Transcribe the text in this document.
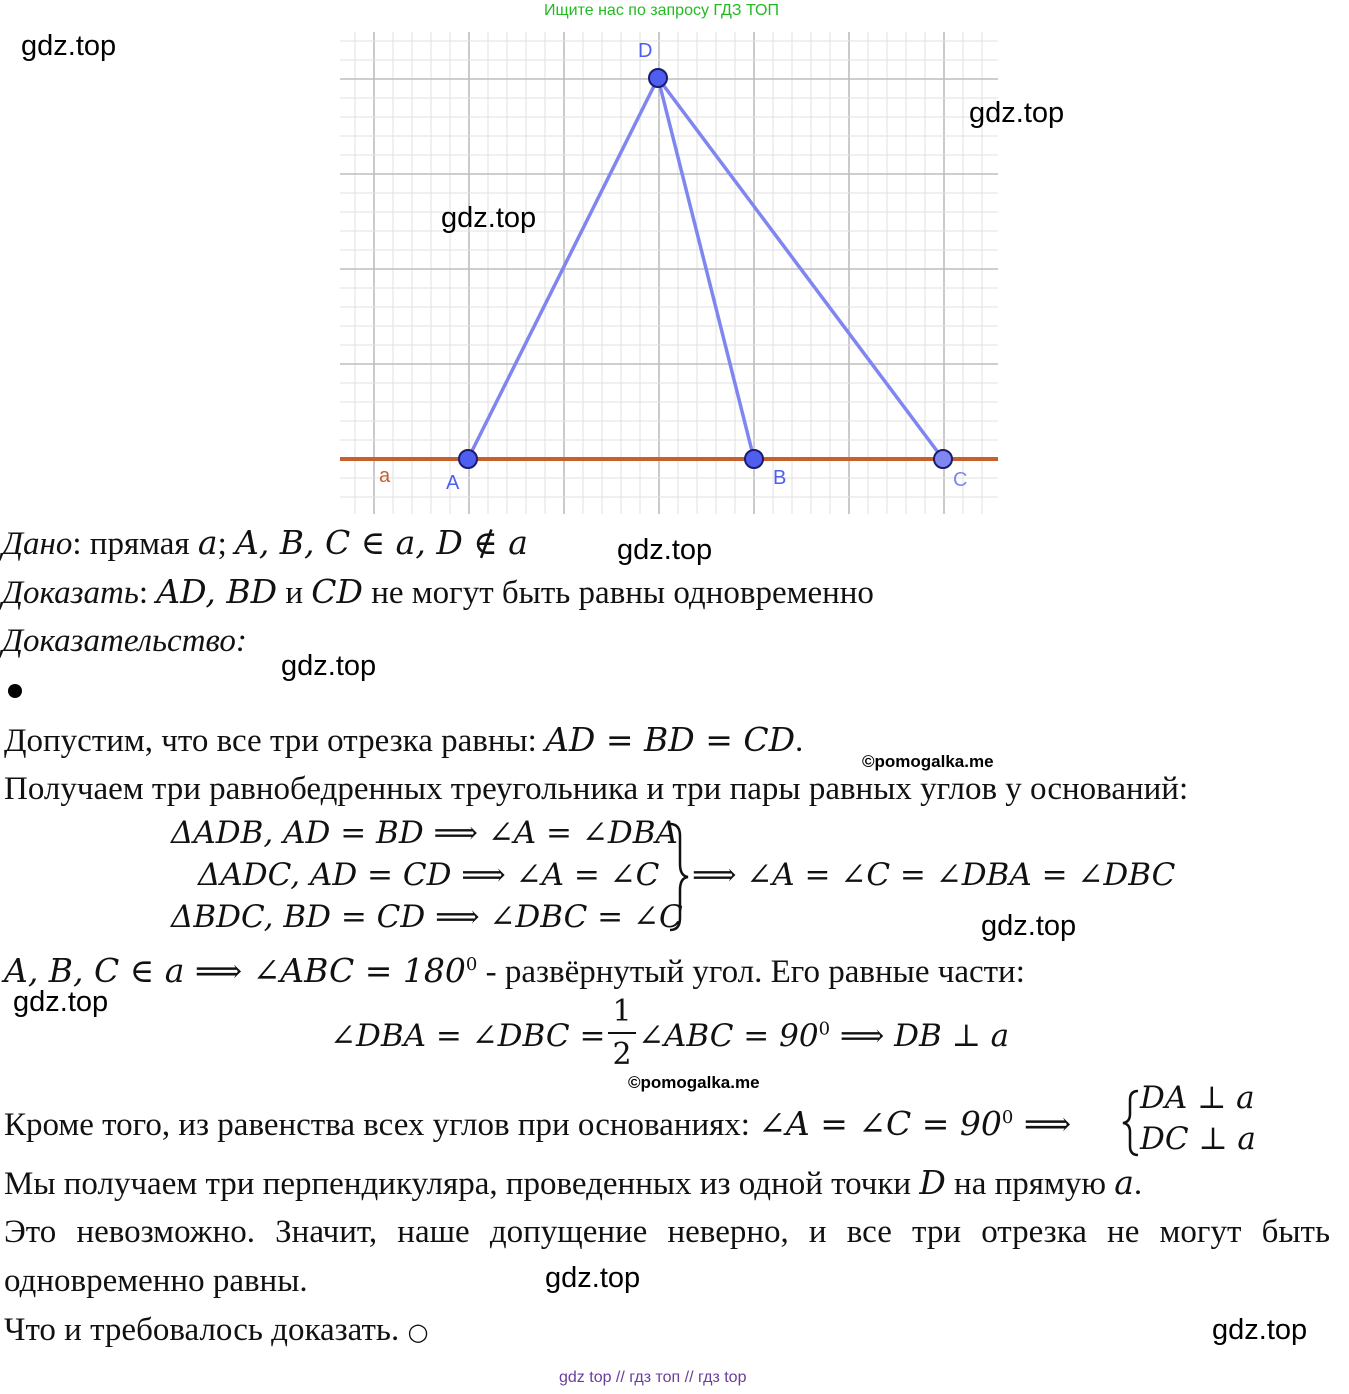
Ищите нас по запросу ГДЗ ТОП
a	A	B	C
D
gdz.top
gdz.top
gdz.top
gdz.top
gdz.top
gdz.top
gdz.top
gdz.top
gdz.top
©pomogalka.me
©pomogalka.me
Дано: прямая a; A, B, C ∈ a, D ∉ a
Доказать: AD, BD и CD не могут быть равны одновременно
Доказательство:
Допустим, что все три отрезка равны: AD = BD = CD.
Получаем три равнобедренных треугольника и три пары равных углов у оснований:
ΔADB, AD = BD ⟹ ∠A = ∠DBA
ΔADC, AD = CD ⟹ ∠A = ∠C
ΔBDC, BD = CD ⟹ ∠DBC = ∠C
⟹ ∠A = ∠C = ∠DBA = ∠DBC
A, B, C ∈ a ⟹ ∠ABC = $180^0$ - развёрнутый угол. Его равные части:
∠DBA = ∠DBC =
1
2
∠ABC = $90^0$ ⟹ DB ⊥ a
Кроме того, из равенства всех углов при основаниях: ∠A = ∠C = $90^0$ ⟹
DA ⊥ a
DC ⊥ a
Мы получаем три перпендикуляра, проведенных из одной точки D на прямую a.
Это невозможно. Значит, наше допущение неверно, и все три отрезка не могут быть
одновременно равны.
Что и требовалось доказать. ○
gdz top // гдз топ // гдз top
